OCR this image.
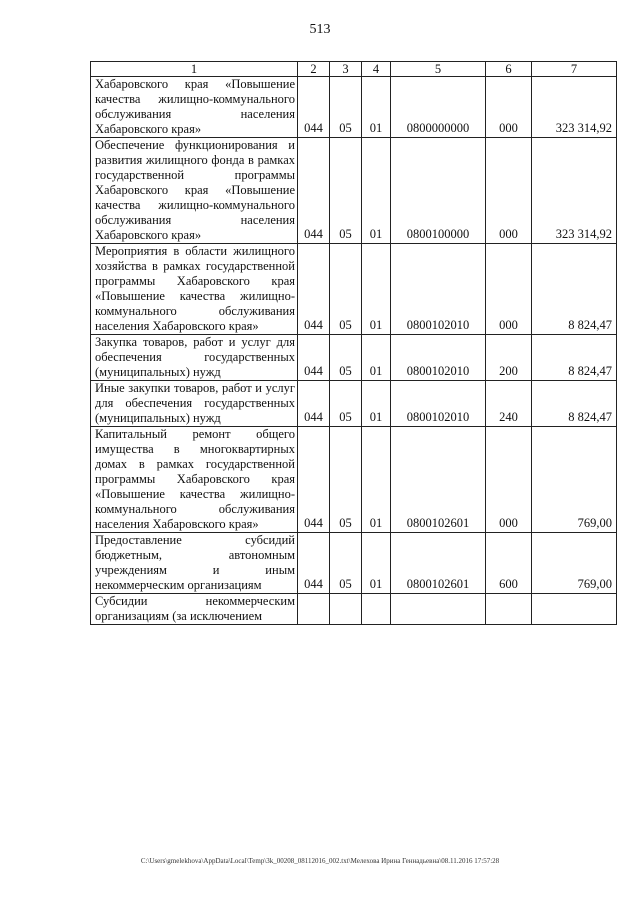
513
1	2	3	4	5	6	7
Хабаровского края «Повышение качества жилищно-коммунального обслуживания населения Хабаровского края»	044	05	01	0800000000	000	323 314,92

Обеспечение функционирования и развития жилищного фонда в рамках государственной программы Хабаровского края «Повышение качества жилищно-коммунального обслуживания населения Хабаровского края»	044	05	01	0800100000	000	323 314,92

Мероприятия в области жилищного хозяйства в рамках государственной программы Хабаровского края «Повышение качества жилищно-коммунального обслуживания населения Хабаровского края»	044	05	01	0800102010	000	8 824,47

Закупка товаров, работ и услуг для обеспечения государственных (муниципальных) нужд	044	05	01	0800102010	200	8 824,47

Иные закупки товаров, работ и услуг для обеспечения государственных (муниципальных) нужд	044	05	01	0800102010	240	8 824,47

Капитальный ремонт общего имущества в многоквартирных домах в рамках государственной программы Хабаровского края «Повышение качества жилищно-коммунального обслуживания населения Хабаровского края»	044	05	01	0800102601	000	769,00

Предоставление субсидий бюджетным, автономным учреждениям и иным некоммерческим организациям	044	05	01	0800102601	600	769,00

Субсидии некоммерческим организациям (за исключением	

C:\Users\gmelekhova\AppData\Local\Temp\3k_00208_08112016_002.txt\Мелехова Ирина Геннадьевна\08.11.2016 17:57:28
